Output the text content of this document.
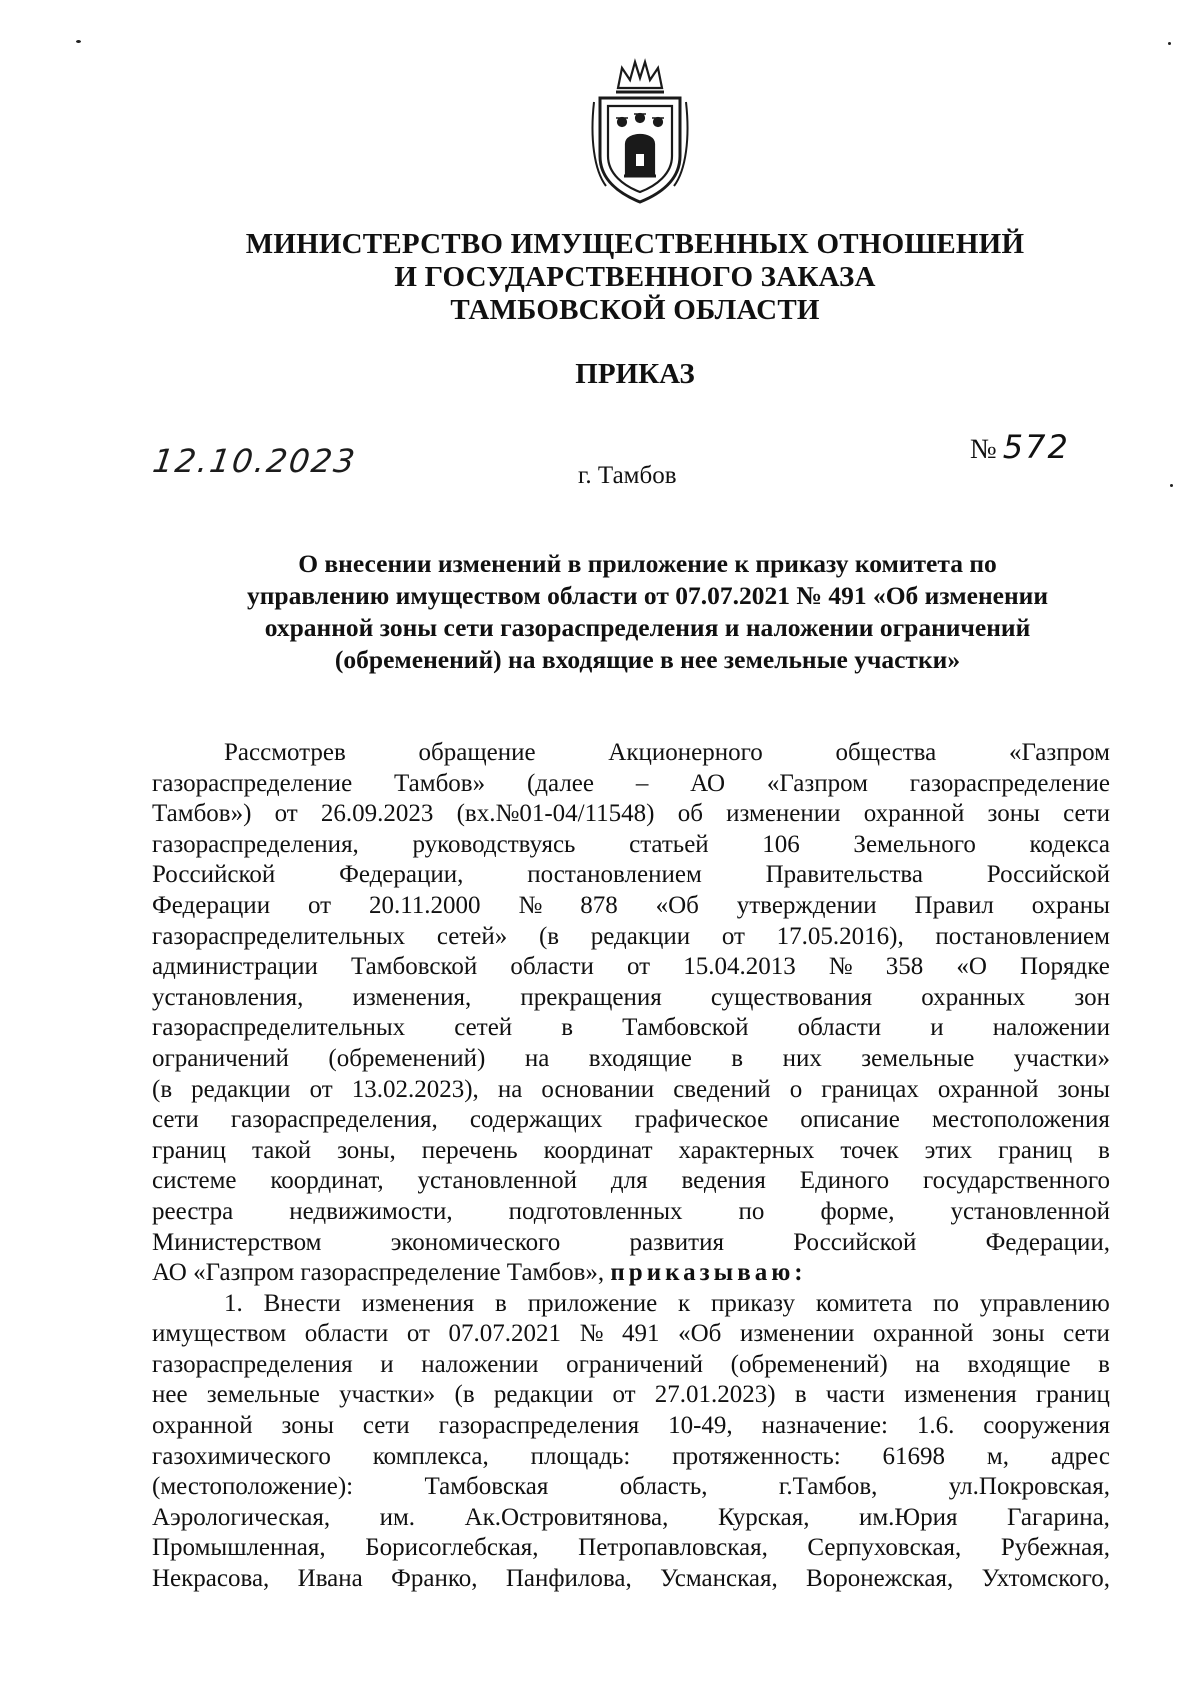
МИНИСТЕРСТВО ИМУЩЕСТВЕННЫХ ОТНОШЕНИЙ
И ГОСУДАРСТВЕННОГО ЗАКАЗА
ТАМБОВСКОЙ ОБЛАСТИ
ПРИКАЗ
12.10.2023	№ 572
г. Тамбов
О внесении изменений в приложение к приказу комитета по
управлению имуществом области от 07.07.2021 № 491 «Об изменении
охранной зоны сети газораспределения и наложении ограничений
(обременений) на входящие в нее земельные участки»
Рассмотрев	обращение	Акционерного	общества	«Газпром
газораспределение Тамбов» (далее – АО «Газпром газораспределение
Тамбов») от 26.09.2023 (вх.№01-04/11548) об изменении охранной зоны сети
газораспределения, руководствуясь статьей 106 Земельного кодекса
Российской	Федерации,	постановлением	Правительства	Российской
Федерации от 20.11.2000 № 878 «Об утверждении Правил охраны
газораспределительных сетей» (в редакции от 17.05.2016), постановлением
администрации Тамбовской области от 15.04.2013 № 358 «О Порядке
установления, изменения, прекращения существования охранных зон
газораспределительных сетей в Тамбовской области и наложении
ограничений (обременений) на входящие в них земельные участки»
(в редакции от 13.02.2023), на основании сведений о границах охранной зоны
сети газораспределения, содержащих графическое описание местоположения
границ такой зоны, перечень координат характерных точек этих границ в
системе координат, установленной для ведения Единого государственного
реестра недвижимости, подготовленных по форме, установленной
Министерством	экономического	развития	Российской	Федерации,
АО «Газпром газораспределение Тамбов»,
приказываю:
1. Внести изменения в приложение к приказу комитета по управлению
имуществом области от 07.07.2021 № 491 «Об изменении охранной зоны сети
газораспределения и наложении ограничений (обременений) на входящие в
нее земельные участки» (в редакции от 27.01.2023) в части изменения границ
охранной зоны сети газораспределения 10-49, назначение: 1.6. сооружения
газохимического комплекса, площадь: протяженность: 61698 м, адрес
(местоположение):	Тамбовская	область,	г.Тамбов,	ул.Покровская,
Аэрологическая, им. Ак.Островитянова, Курская, им.Юрия Гагарина,
Промышленная, Борисоглебская, Петропавловская, Серпуховская, Рубежная,
Некрасова, Ивана Франко, Панфилова, Усманская, Воронежская, Ухтомского,
